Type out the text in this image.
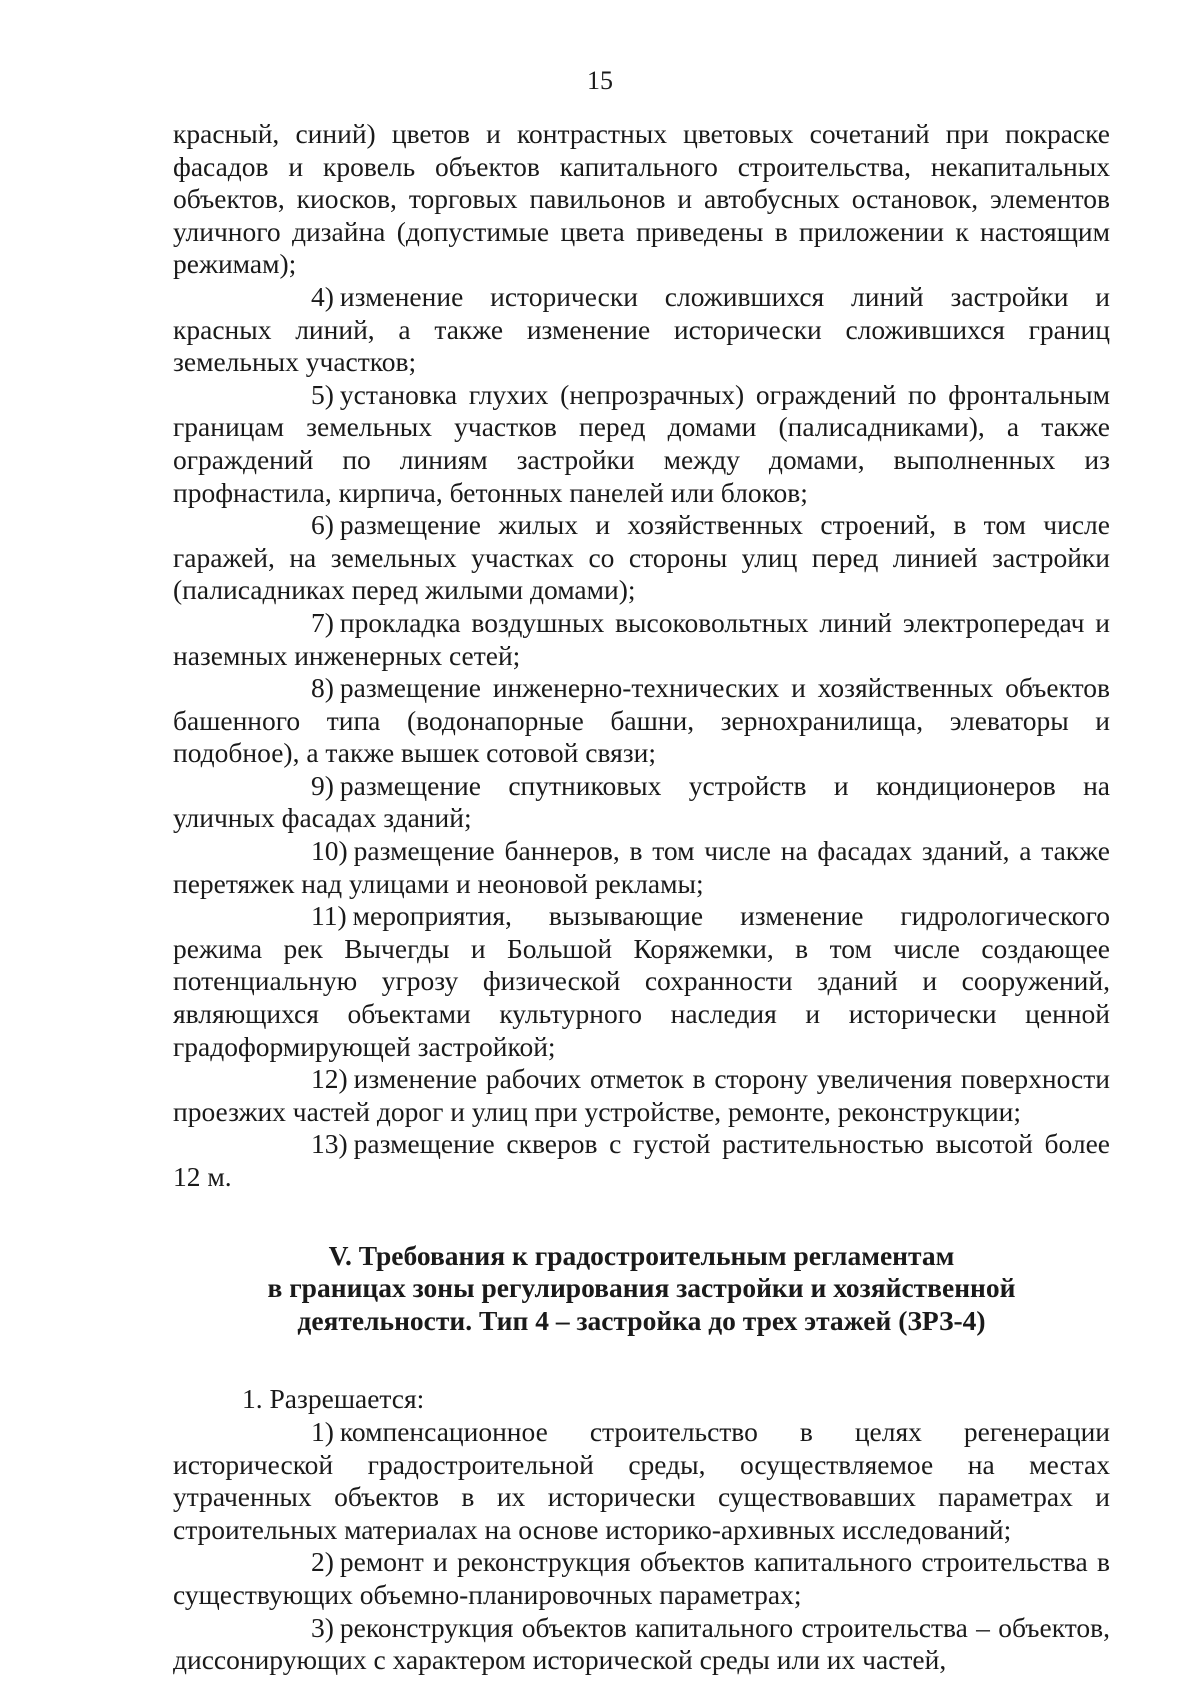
15

красный, синий) цветов и контрастных цветовых сочетаний при покраске фасадов и кровель объектов капитального строительства, некапитальных объектов, киосков, торговых павильонов и автобусных остановок, элементов уличного дизайна (допустимые цвета приведены в приложении к настоящим режимам);

4) изменение исторически сложившихся линий застройки и красных линий, а также изменение исторически сложившихся границ земельных участков;

5) установка глухих (непрозрачных) ограждений по фронтальным границам земельных участков перед домами (палисадниками), а также ограждений по линиям застройки между домами, выполненных из профнастила, кирпича, бетонных панелей или блоков;

6) размещение жилых и хозяйственных строений, в том числе гаражей, на земельных участках со стороны улиц перед линией застройки (палисадниках перед жилыми домами);

7) прокладка воздушных высоковольтных линий электропередач и наземных инженерных сетей;

8) размещение инженерно-технических и хозяйственных объектов башенного типа (водонапорные башни, зернохранилища, элеваторы и подобное), а также вышек сотовой связи;

9) размещение спутниковых устройств и кондиционеров на уличных фасадах зданий;

10) размещение баннеров, в том числе на фасадах зданий, а также перетяжек над улицами и неоновой рекламы;

11) мероприятия, вызывающие изменение гидрологического режима рек Вычегды и Большой Коряжемки, в том числе создающее потенциальную угрозу физической сохранности зданий и сооружений, являющихся объектами культурного наследия и исторически ценной градоформирующей застройкой;

12) изменение рабочих отметок в сторону увеличения поверхности проезжих частей дорог и улиц при устройстве, ремонте, реконструкции;

13) размещение скверов с густой растительностью высотой более 12 м.

V. Требования к градостроительным регламентам
в границах зоны регулирования застройки и хозяйственной
деятельности. Тип 4 – застройка до трех этажей (ЗРЗ-4)

1. Разрешается:

1) компенсационное строительство в целях регенерации исторической градостроительной среды, осуществляемое на местах утраченных объектов в их исторически существовавших параметрах и строительных материалах на основе историко-архивных исследований;

2) ремонт и реконструкция объектов капитального строительства в существующих объемно-планировочных параметрах;

3) реконструкция объектов капитального строительства – объектов, диссонирующих с характером исторической среды или их частей,
